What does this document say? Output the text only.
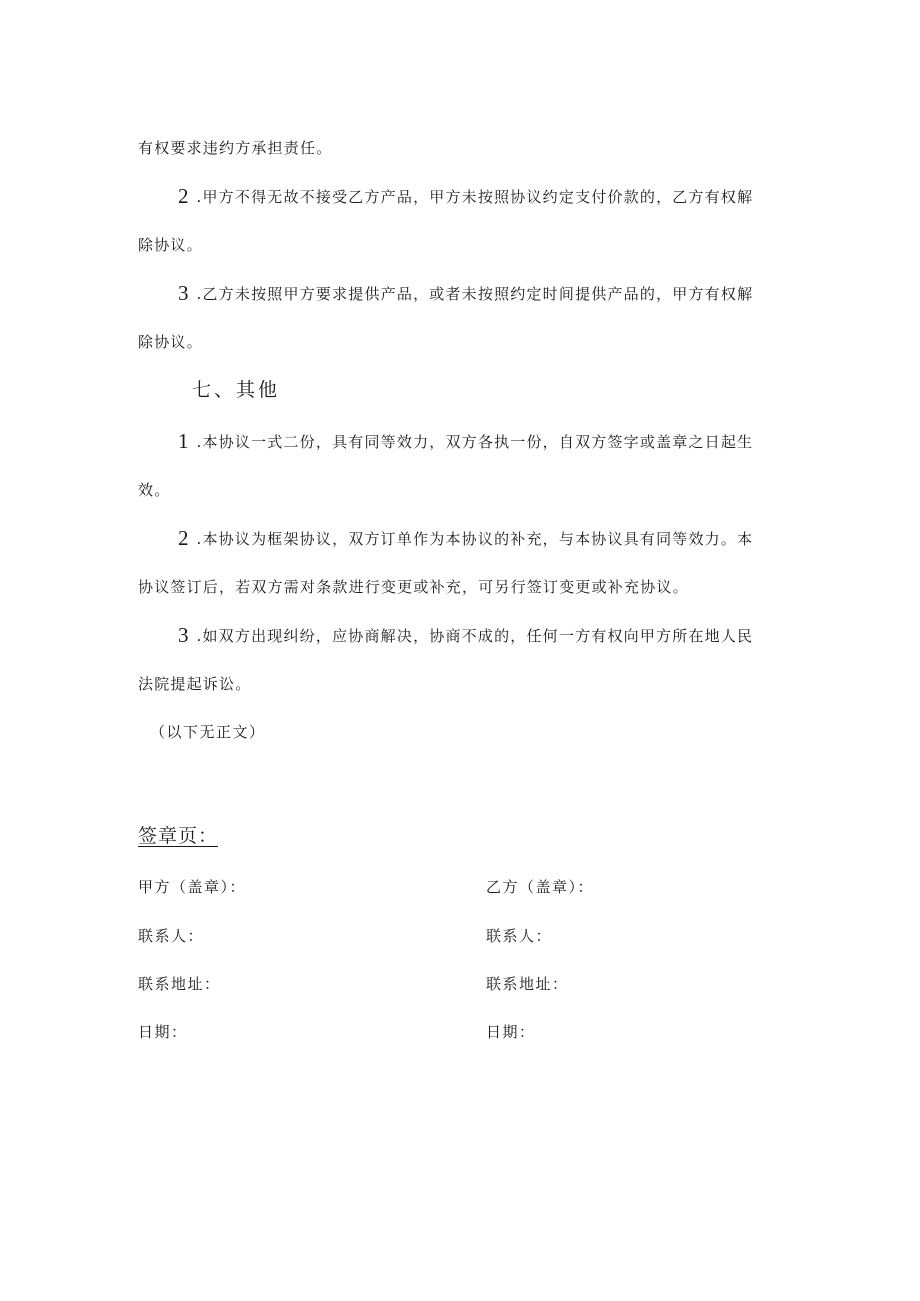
有权要求违约方承担责任。
2 .甲方不得无故不接受乙方产品，甲方未按照协议约定支付价款的，乙方有权解
除协议。
3 .乙方未按照甲方要求提供产品，或者未按照约定时间提供产品的，甲方有权解
除协议。
七、其他
1 .本协议一式二份，具有同等效力，双方各执一份，自双方签字或盖章之日起生
效。
2 .本协议为框架协议，双方订单作为本协议的补充，与本协议具有同等效力。本
协议签订后，若双方需对条款进行变更或补充，可另行签订变更或补充协议。
3 .如双方出现纠纷，应协商解决，协商不成的，任何一方有权向甲方所在地人民
法院提起诉讼。
（以下无正文）
签章页：
甲方（盖章）：	乙方（盖章）：
联系人：	联系人：
联系地址：	联系地址：
日期：	日期：
